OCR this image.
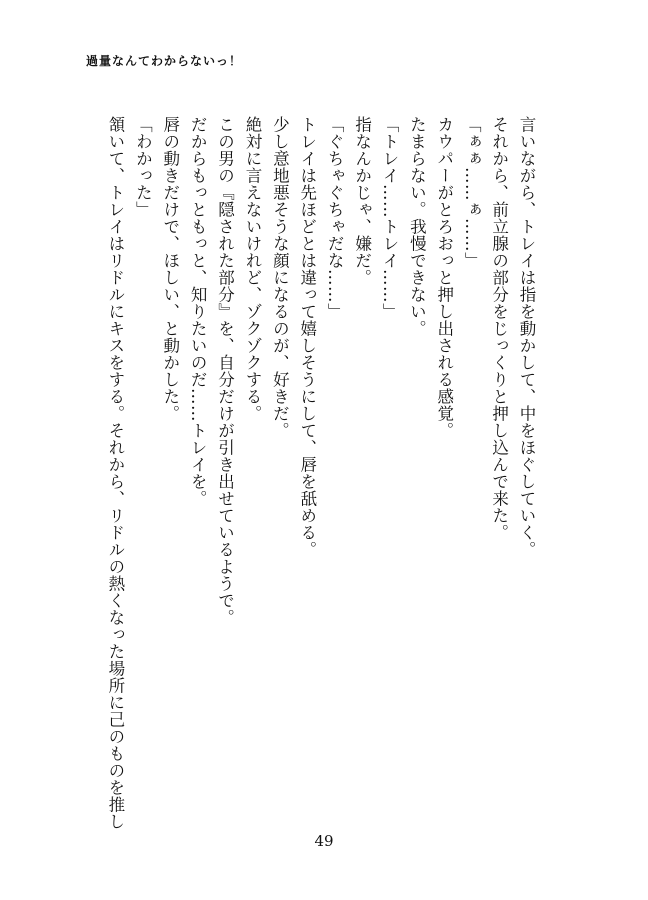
過量なんてわからないっ！
言いながら、トレイは指を動かして、中をほぐしていく。
それから、前立腺の部分をじっくりと押し込んで来た。
「ぁぁ……ぁ……」
カウパーがとろおっと押し出される感覚。
たまらない。我慢できない。
「トレイ……トレイ……」
指なんかじゃ、嫌だ。
「ぐちゃぐちゃだな……」
トレイは先ほどとは違って嬉しそうにして、唇を舐める。
少し意地悪そうな顔になるのが、好きだ。
絶対に言えないけれど、ゾクゾクする。
この男の『隠された部分』を、自分だけが引き出せているようで。
だからもっともっと、知りたいのだ……トレイを。
唇の動きだけで、ほしい、と動かした。
「わかった」
頷いて、トレイはリドルにキスをする。それから、リドルの熱くなった場所に己のものを推し
49
